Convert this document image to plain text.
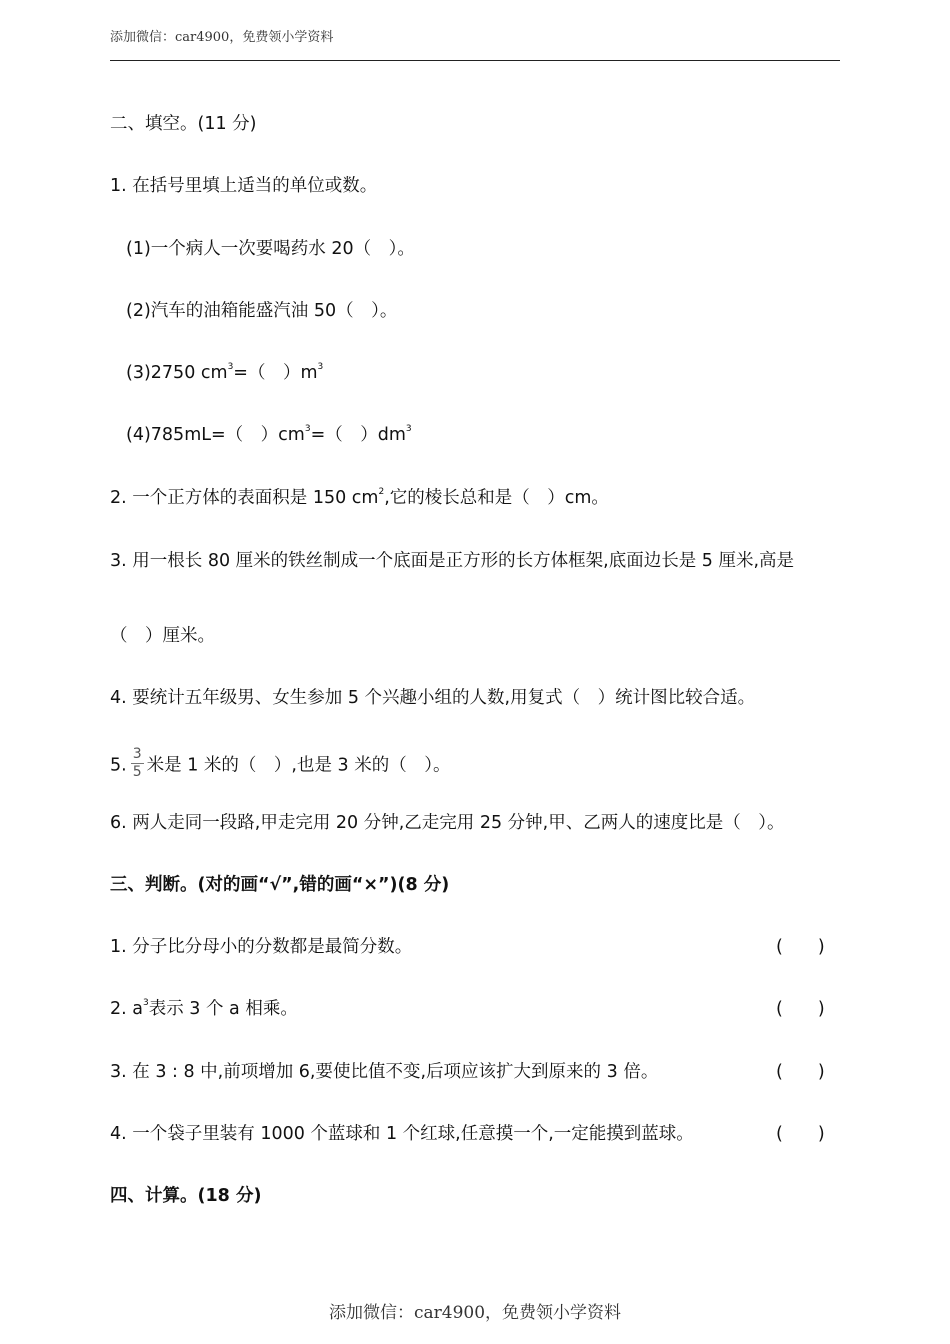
添加微信：car4900，免费领小学资料
二、填空。(11 分)
1. 在括号里填上适当的单位或数。
(1)一个病人一次要喝药水 20（　）。
(2)汽车的油箱能盛汽油 50（　）。
(3)2750 $cm^3=$（　）$m^3$
(4)785mL=（　）$cm^3=$（　）$dm^3$
2. 一个正方体的表面积是 150 $cm^2$,它的棱长总和是（　）cm。
3. 用一根长 80 厘米的铁丝制成一个底面是正方形的长方体框架,底面边长是 5 厘米,高是
（　）厘米。
4. 要统计五年级男、女生参加 5 个兴趣小组的人数,用复式（　）统计图比较合适。
5. $\frac{3}{5}$ 米是 1 米的（　）,也是 3 米的（　）。
6. 两人走同一段路,甲走完用 20 分钟,乙走完用 25 分钟,甲、乙两人的速度比是（　）。
三、判断。(对的画“√”,错的画“×”)(8 分)
1. 分子比分母小的分数都是最简分数。	(　　)
2. $a^3$表示 3 个 a 相乘。	(　　)
3. 在 3 : 8 中,前项增加 6,要使比值不变,后项应该扩大到原来的 3 倍。	(　　)
4. 一个袋子里装有 1000 个蓝球和 1 个红球,任意摸一个,一定能摸到蓝球。	(　　)
四、计算。(18 分)
添加微信：car4900，免费领小学资料
